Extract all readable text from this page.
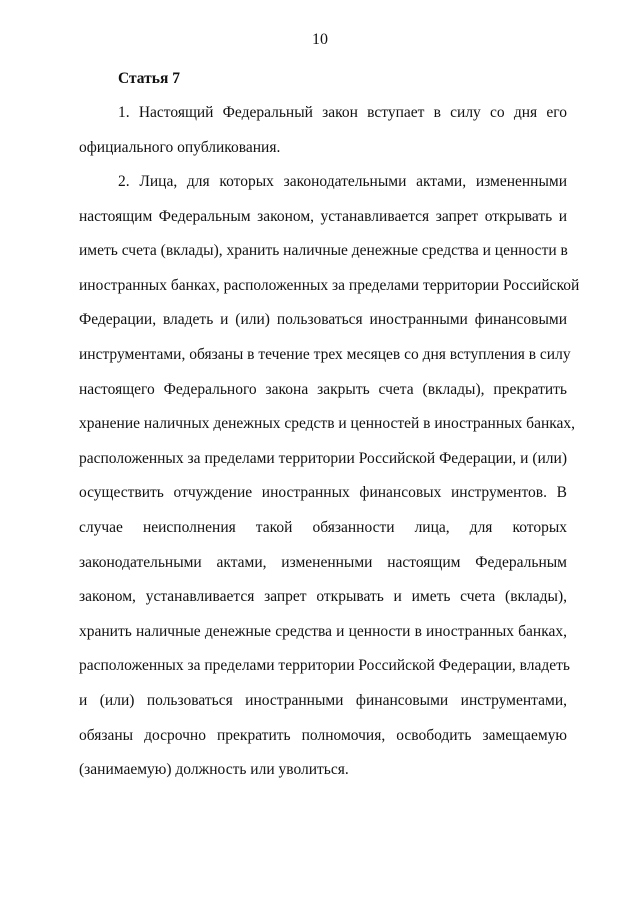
10
Статья 7
1. Настоящий Федеральный закон вступает в силу со дня его
официального опубликования.
2. Лица, для которых законодательными актами, измененными
настоящим Федеральным законом, устанавливается запрет открывать и
иметь счета (вклады), хранить наличные денежные средства и ценности в
иностранных банках, расположенных за пределами территории Российской
Федерации, владеть и (или) пользоваться иностранными финансовыми
инструментами, обязаны в течение трех месяцев со дня вступления в силу
настоящего Федерального закона закрыть счета (вклады), прекратить
хранение наличных денежных средств и ценностей в иностранных банках,
расположенных за пределами территории Российской Федерации, и (или)
осуществить отчуждение иностранных финансовых инструментов. В
случае неисполнения такой обязанности лица, для которых
законодательными актами, измененными настоящим Федеральным
законом, устанавливается запрет открывать и иметь счета (вклады),
хранить наличные денежные средства и ценности в иностранных банках,
расположенных за пределами территории Российской Федерации, владеть
и (или) пользоваться иностранными финансовыми инструментами,
обязаны досрочно прекратить полномочия, освободить замещаемую
(занимаемую) должность или уволиться.
